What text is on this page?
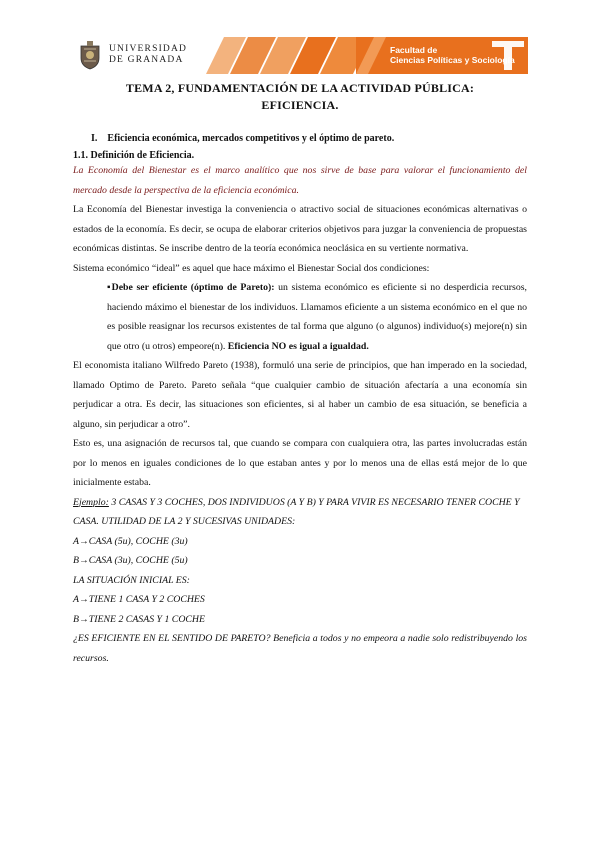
UNIVERSIDAD
DE GRANADA
Facultad de
Ciencias Políticas y Sociología
TEMA 2, FUNDAMENTACIÓN DE LA ACTIVIDAD PÚBLICA:
EFICIENCIA.
I. Eficiencia económica, mercados competitivos y el óptimo de pareto.
1.1. Definición de Eficiencia.

La Economía del Bienestar es el marco analítico que nos sirve de base para valorar el funcionamiento del mercado desde la perspectiva de la eficiencia económica.

La Economía del Bienestar investiga la conveniencia o atractivo social de situaciones económicas alternativas o estados de la economía. Es decir, se ocupa de elaborar criterios objetivos para juzgar la conveniencia de propuestas económicas distintas. Se inscribe dentro de la teoría económica neoclásica en su vertiente normativa.

Sistema económico “ideal” es aquel que hace máximo el Bienestar Social dos condiciones:

▪Debe ser eficiente (óptimo de Pareto): un sistema económico es eficiente si no desperdicia recursos, haciendo máximo el bienestar de los individuos. Llamamos eficiente a un sistema económico en el que no es posible reasignar los recursos existentes de tal forma que alguno (o algunos) individuo(s) mejore(n) sin que otro (u otros) empeore(n). Eficiencia NO es igual a igualdad.

El economista italiano Wilfredo Pareto (1938), formuló una serie de principios, que han imperado en la sociedad, llamado Optimo de Pareto. Pareto señala “que cualquier cambio de situación afectaría a una economía sin perjudicar a otra. Es decir, las situaciones son eficientes, si al haber un cambio de esa situación, se beneficia a alguno, sin perjudicar a otro”.

Esto es, una asignación de recursos tal, que cuando se compara con cualquiera otra, las partes involucradas están por lo menos en iguales condiciones de lo que estaban antes y por lo menos una de ellas está mejor de lo que inicialmente estaba.

Ejemplo: 3 CASAS Y 3 COCHES, DOS INDIVIDUOS (A Y B) Y PARA VIVIR ES NECESARIO TENER COCHE Y CASA. UTILIDAD DE LA 2 Y SUCESIVAS UNIDADES:

A→CASA (5u), COCHE (3u)

B→CASA (3u), COCHE (5u)

LA SITUACIÓN INICIAL ES:

A→TIENE 1 CASA Y 2 COCHES

B→TIENE 2 CASAS Y 1 COCHE

¿ES EFICIENTE EN EL SENTIDO DE PARETO? Beneficia a todos y no empeora a nadie solo redistribuyendo los recursos.
